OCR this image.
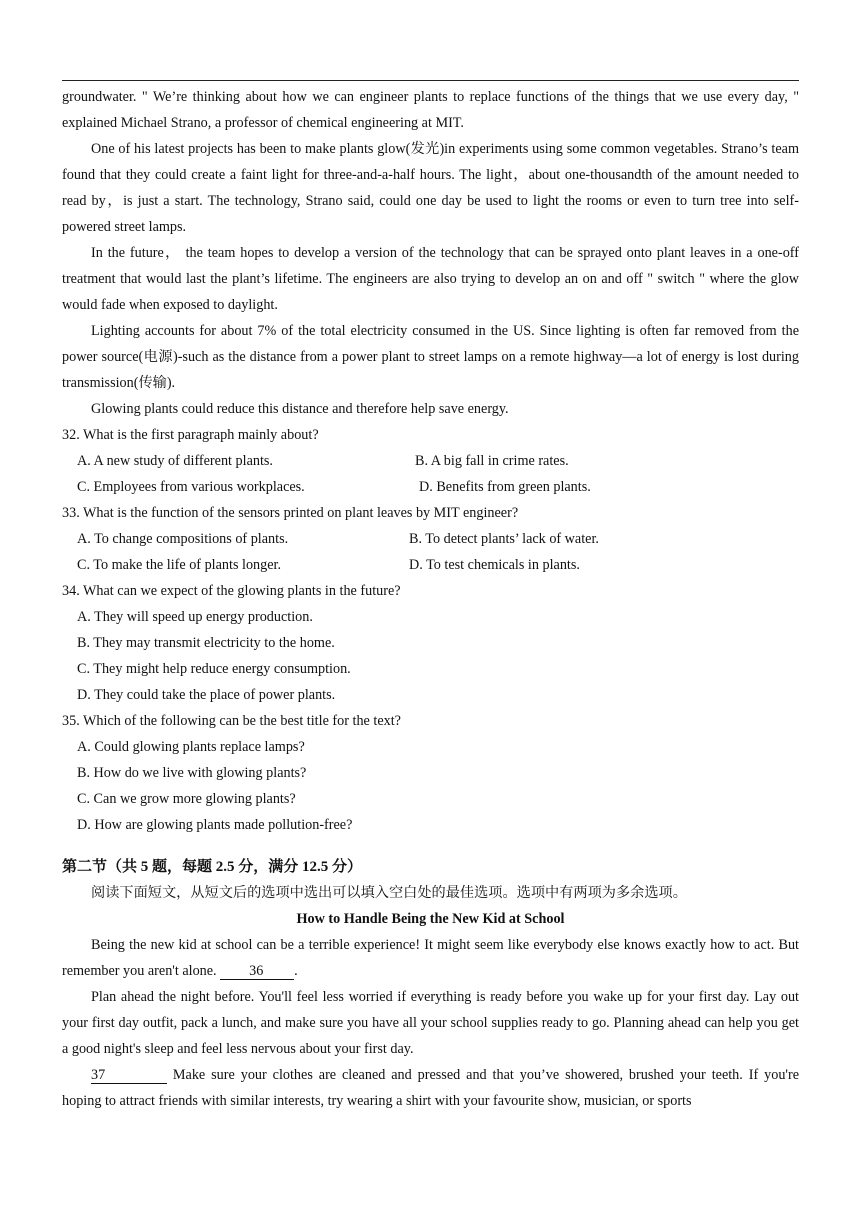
groundwater. " We’re thinking about how we can engineer plants to replace functions of the things that we use every day, " explained Michael Strano, a professor of chemical engineering at MIT.

One of his latest projects has been to make plants glow(发光)in experiments using some common vegetables. Strano’s team found that they could create a faint light for three-and-a-half hours. The light，about one-thousandth of the amount needed to read by，is just a start. The technology, Strano said, could one day be used to light the rooms or even to turn tree into self-powered street lamps.

In the future， the team hopes to develop a version of the technology that can be sprayed onto plant leaves in a one-off treatment that would last the plant’s lifetime. The engineers are also trying to develop an on and off " switch " where the glow would fade when exposed to daylight.

Lighting accounts for about 7% of the total electricity consumed in the US. Since lighting is often far removed from the power source(电源)-such as the distance from a power plant to street lamps on a remote highway—a lot of energy is lost during transmission(传输).

Glowing plants could reduce this distance and therefore help save energy.

32. What is the first paragraph mainly about?
A. A new study of different plants.	B. A big fall in crime rates.
C. Employees from various workplaces.	D. Benefits from green plants.
33. What is the function of the sensors printed on plant leaves by MIT engineer?
A. To change compositions of plants.	B. To detect plants’ lack of water.
C. To make the life of plants longer.	D. To test chemicals in plants.
34. What can we expect of the glowing plants in the future?
A. They will speed up energy production.
B. They may transmit electricity to the home.
C. They might help reduce energy consumption.
D. They could take the place of power plants.
35. Which of the following can be the best title for the text?
A. Could glowing plants replace lamps?
B. How do we live with glowing plants?
C. Can we grow more glowing plants?
D. How are glowing plants made pollution-free?
第二节（共 5 题，每题 2.5 分，满分 12.5 分）
阅读下面短文，从短文后的选项中选出可以填入空白处的最佳选项。选项中有两项为多余选项。
How to Handle Being the New Kid at School

Being the new kid at school can be a terrible experience! It might seem like everybody else knows exactly how to act. But remember you aren't alone. 36 .

Plan ahead the night before. You'll feel less worried if everything is ready before you wake up for your first day. Lay out your first day outfit, pack a lunch, and make sure you have all your school supplies ready to go. Planning ahead can help you get a good night's sleep and feel less nervous about your first day.

37	Make sure your clothes are cleaned and pressed and that you’ve showered, brushed your teeth. If you're hoping to attract friends with similar interests, try wearing a shirt with your favourite show, musician, or sports
